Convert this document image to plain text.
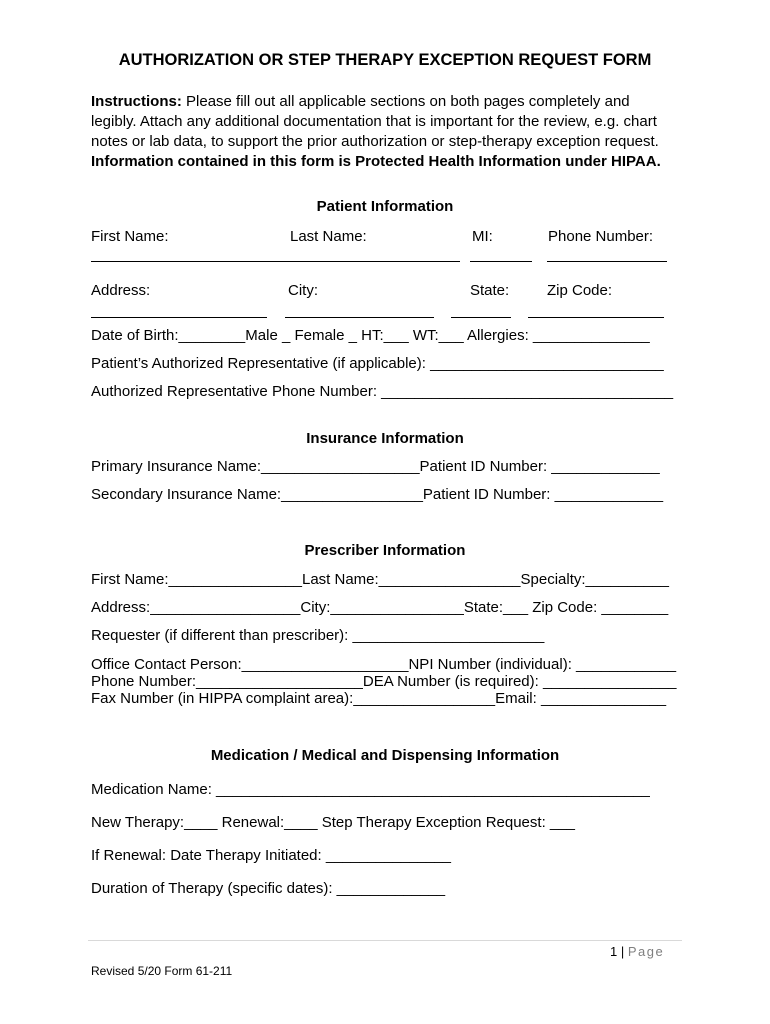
AUTHORIZATION OR STEP THERAPY EXCEPTION REQUEST FORM
Instructions: Please fill out all applicable sections on both pages completely and legibly. Attach any additional documentation that is important for the review, e.g. chart notes or lab data, to support the prior authorization or step-therapy exception request.
Information contained in this form is Protected Health Information under HIPAA.
Patient Information
First Name:	Last Name:	MI:	Phone Number:
Address:	City:	State:	Zip Code:
Date of Birth:________Male _ Female _ HT:___ WT:___ Allergies: ______________
Patient’s Authorized Representative (if applicable): ____________________________
Authorized Representative Phone Number: ___________________________________
Insurance Information
Primary Insurance Name:___________________Patient ID Number: _____________
Secondary Insurance Name:_________________Patient ID Number: _____________
Prescriber Information
First Name:________________Last Name:_________________Specialty:__________
Address:__________________City:________________State:___ Zip Code: ________
Requester (if different than prescriber): _______________________
Office Contact Person:____________________NPI Number (individual): ____________
Phone Number:____________________DEA Number (is required): ________________
Fax Number (in HIPPA complaint area):_________________Email: _______________
Medication / Medical and Dispensing Information
Medication Name: ____________________________________________________
New Therapy:____ Renewal:____ Step Therapy Exception Request: ___
If Renewal: Date Therapy Initiated: _______________
Duration of Therapy (specific dates): _____________
1 | Page
Revised 5/20 Form 61-211
